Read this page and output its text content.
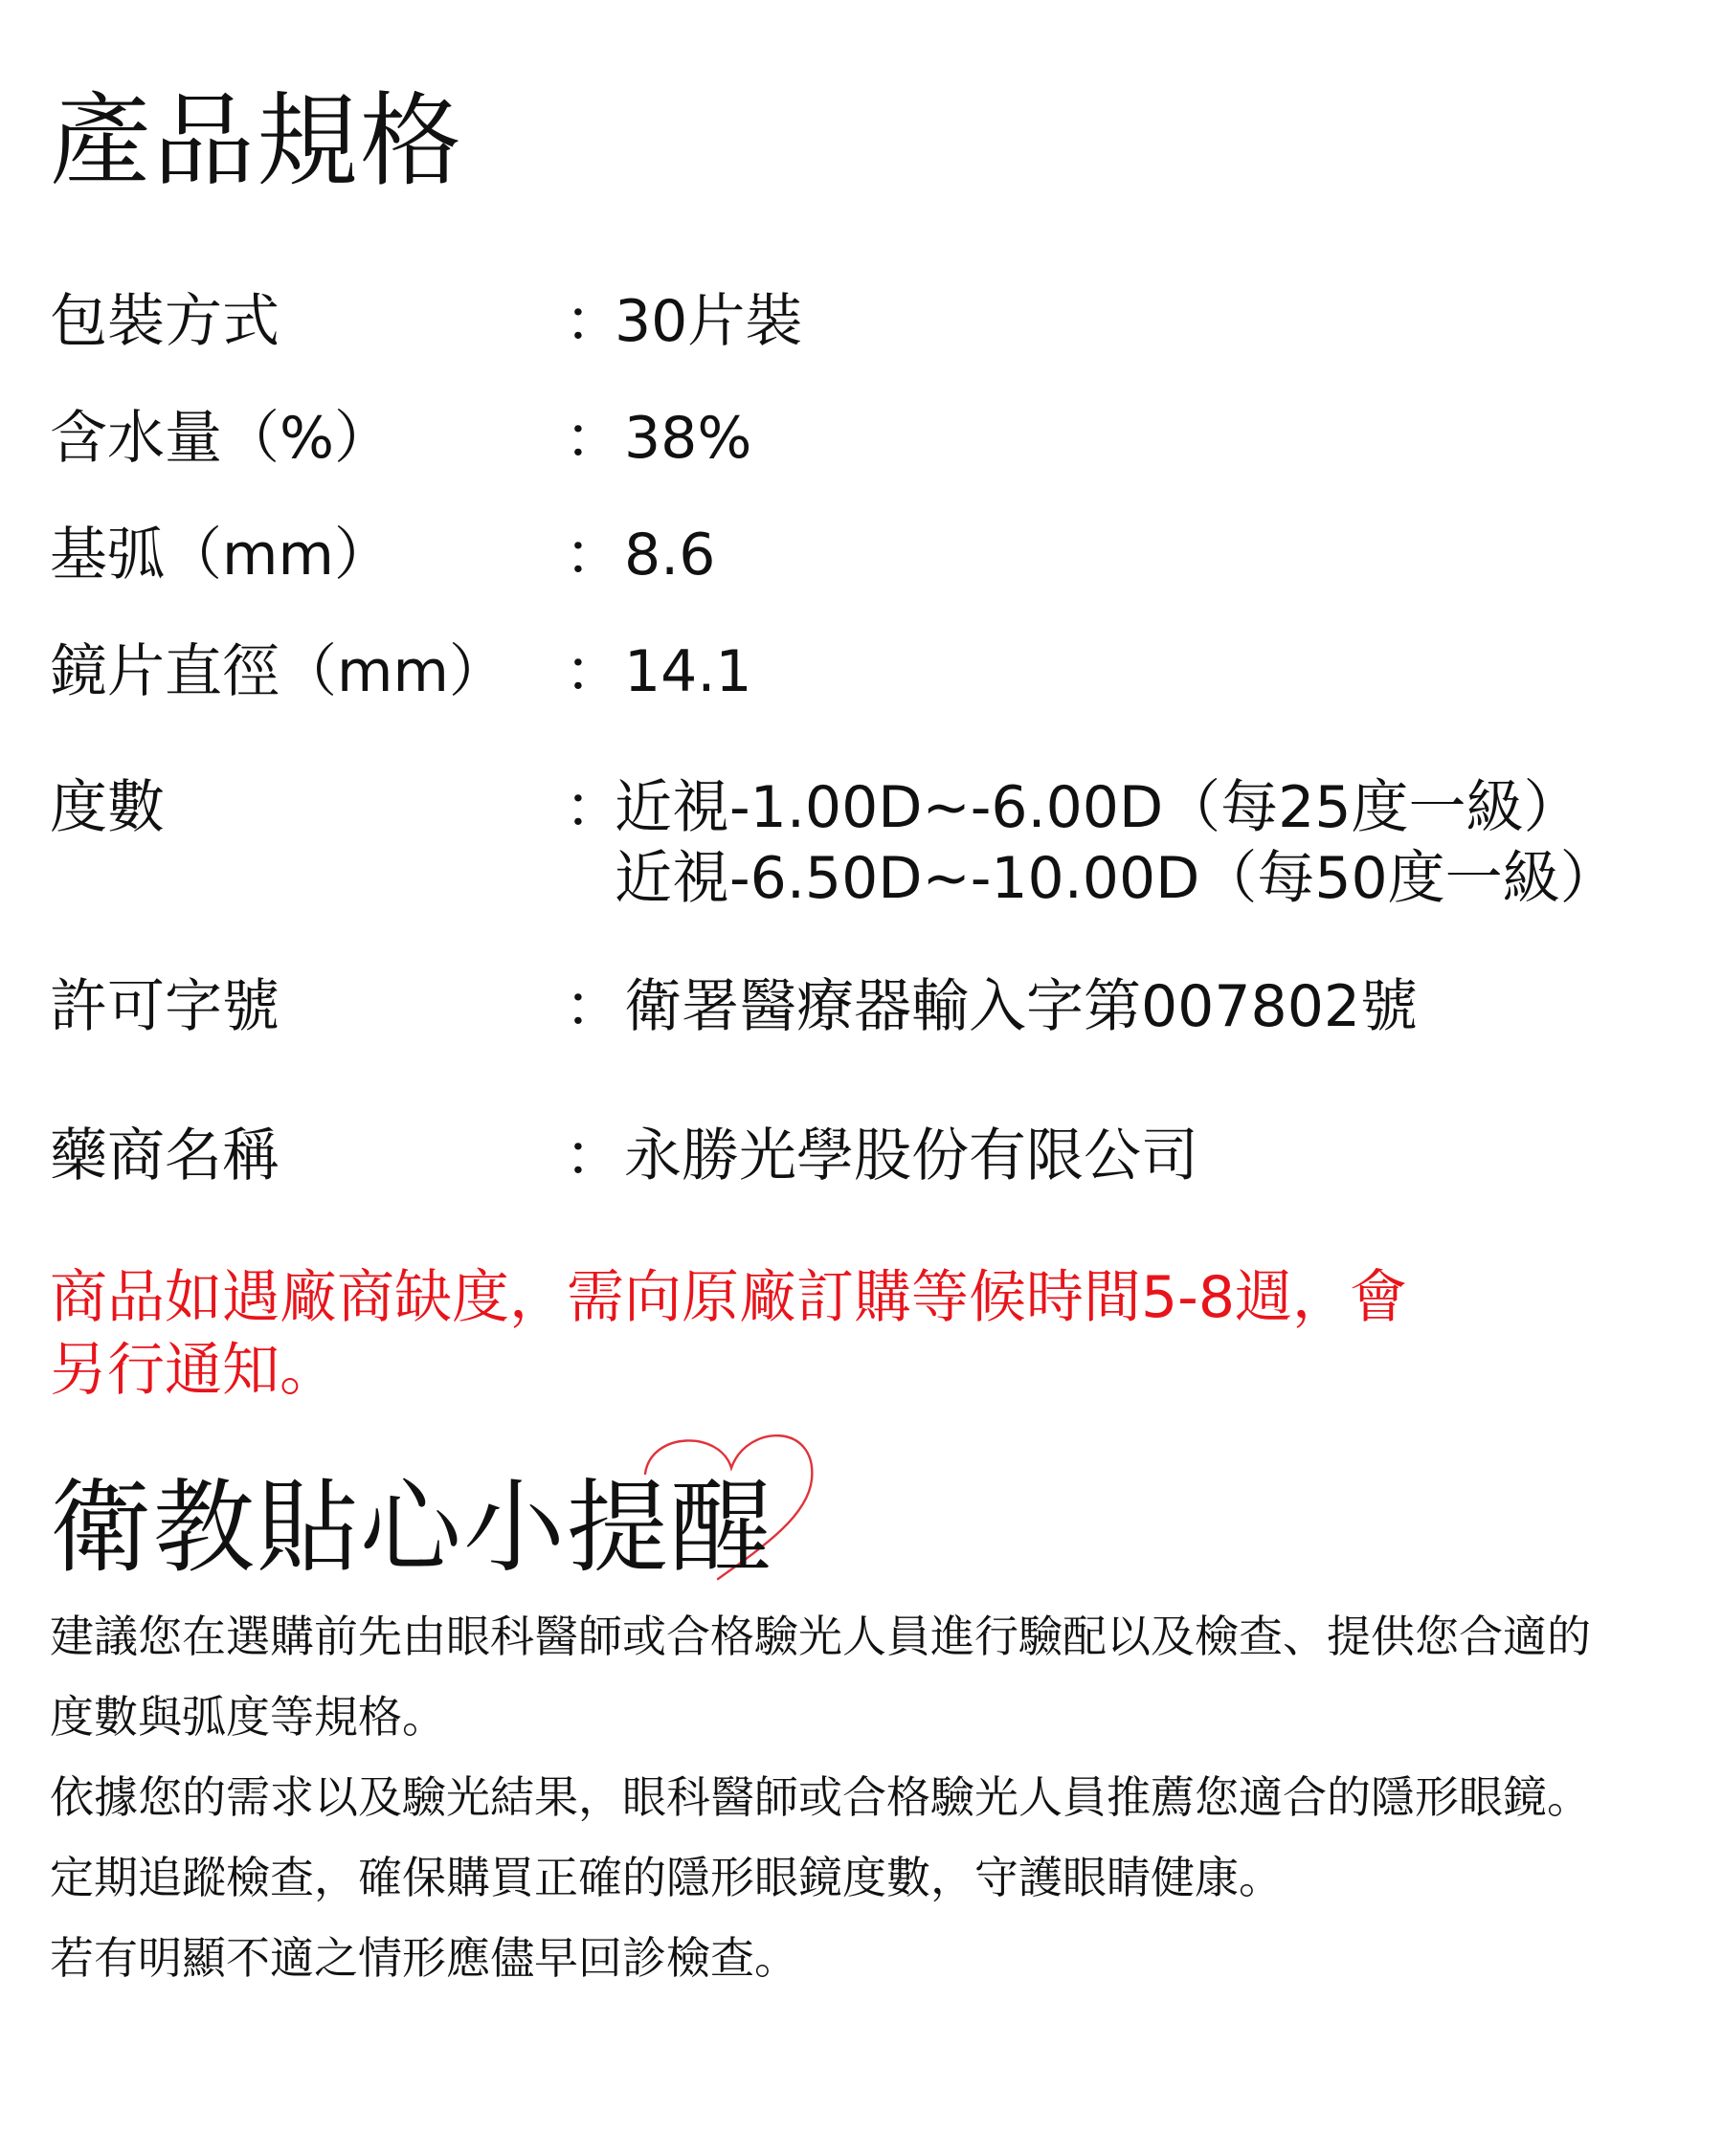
產品規格
包裝方式	：
30片裝
含水量（%）	： 38%
基弧（mm）	： 8.6
鏡片直徑（mm） ： 14.1
度數	：
近視-1.00D~-6.00D（每25度一級）
近視-6.50D~-10.00D（每50度一級）
許可字號	： 衛署醫療器輸入字第007802號
藥商名稱	： 永勝光學股份有限公司
商品如遇廠商缺度，需向原廠訂購等候時間5-8週，會
另行通知。
衛教貼心小提醒

建議您在選購前先由眼科醫師或合格驗光人員進行驗配以及檢查、提供您合適的

度數與弧度等規格。

依據您的需求以及驗光結果，眼科醫師或合格驗光人員推薦您適合的隱形眼鏡。

定期追蹤檢查，確保購買正確的隱形眼鏡度數，守護眼睛健康。

若有明顯不適之情形應儘早回診檢查。
